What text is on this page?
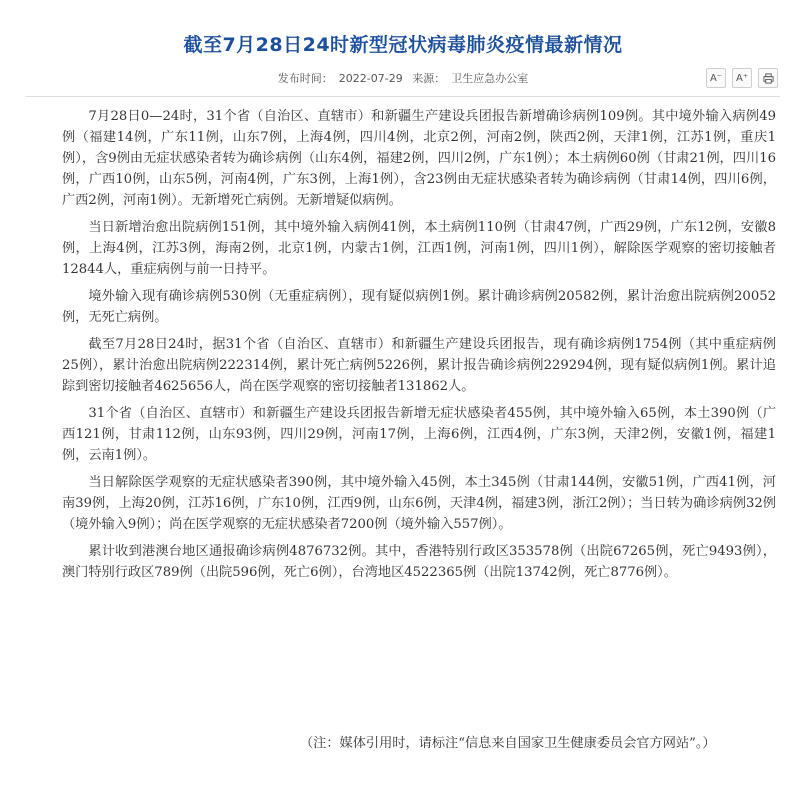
截至7月28日24时新型冠状病毒肺炎疫情最新情况
发布时间： 2022-07-29 来源： 卫生应急办公室	A⁻	A⁺

7月28日0—24时，31个省（自治区、直辖市）和新疆生产建设兵团报告新增确诊病例109例。其中境外输入病例49例（福建14例，广东11例，山东7例，上海4例，四川4例，北京2例，河南2例，陕西2例，天津1例，江苏1例，重庆1例），含9例由无症状感染者转为确诊病例（山东4例，福建2例，四川2例，广东1例）；本土病例60例（甘肃21例，四川16例，广西10例，山东5例，河南4例，广东3例，上海1例），含23例由无症状感染者转为确诊病例（甘肃14例，四川6例，广西2例，河南1例）。无新增死亡病例。无新增疑似病例。

当日新增治愈出院病例151例，其中境外输入病例41例，本土病例110例（甘肃47例，广西29例，广东12例，安徽8例，上海4例，江苏3例，海南2例，北京1例，内蒙古1例，江西1例，河南1例，四川1例），解除医学观察的密切接触者12844人，重症病例与前一日持平。

境外输入现有确诊病例530例（无重症病例），现有疑似病例1例。累计确诊病例20582例，累计治愈出院病例20052例，无死亡病例。

截至7月28日24时，据31个省（自治区、直辖市）和新疆生产建设兵团报告，现有确诊病例1754例（其中重症病例25例），累计治愈出院病例222314例，累计死亡病例5226例，累计报告确诊病例229294例，现有疑似病例1例。累计追踪到密切接触者4625656人，尚在医学观察的密切接触者131862人。

31个省（自治区、直辖市）和新疆生产建设兵团报告新增无症状感染者455例，其中境外输入65例，本土390例（广西121例，甘肃112例，山东93例，四川29例，河南17例，上海6例，江西4例，广东3例，天津2例，安徽1例，福建1例，云南1例）。

当日解除医学观察的无症状感染者390例，其中境外输入45例，本土345例（甘肃144例，安徽51例，广西41例，河南39例，上海20例，江苏16例，广东10例，江西9例，山东6例，天津4例，福建3例，浙江2例）；当日转为确诊病例32例（境外输入9例）；尚在医学观察的无症状感染者7200例（境外输入557例）。

累计收到港澳台地区通报确诊病例4876732例。其中，香港特别行政区353578例（出院67265例，死亡9493例），澳门特别行政区789例（出院596例，死亡6例），台湾地区4522365例（出院13742例，死亡8776例）。

（注：媒体引用时，请标注“信息来自国家卫生健康委员会官方网站”。）
